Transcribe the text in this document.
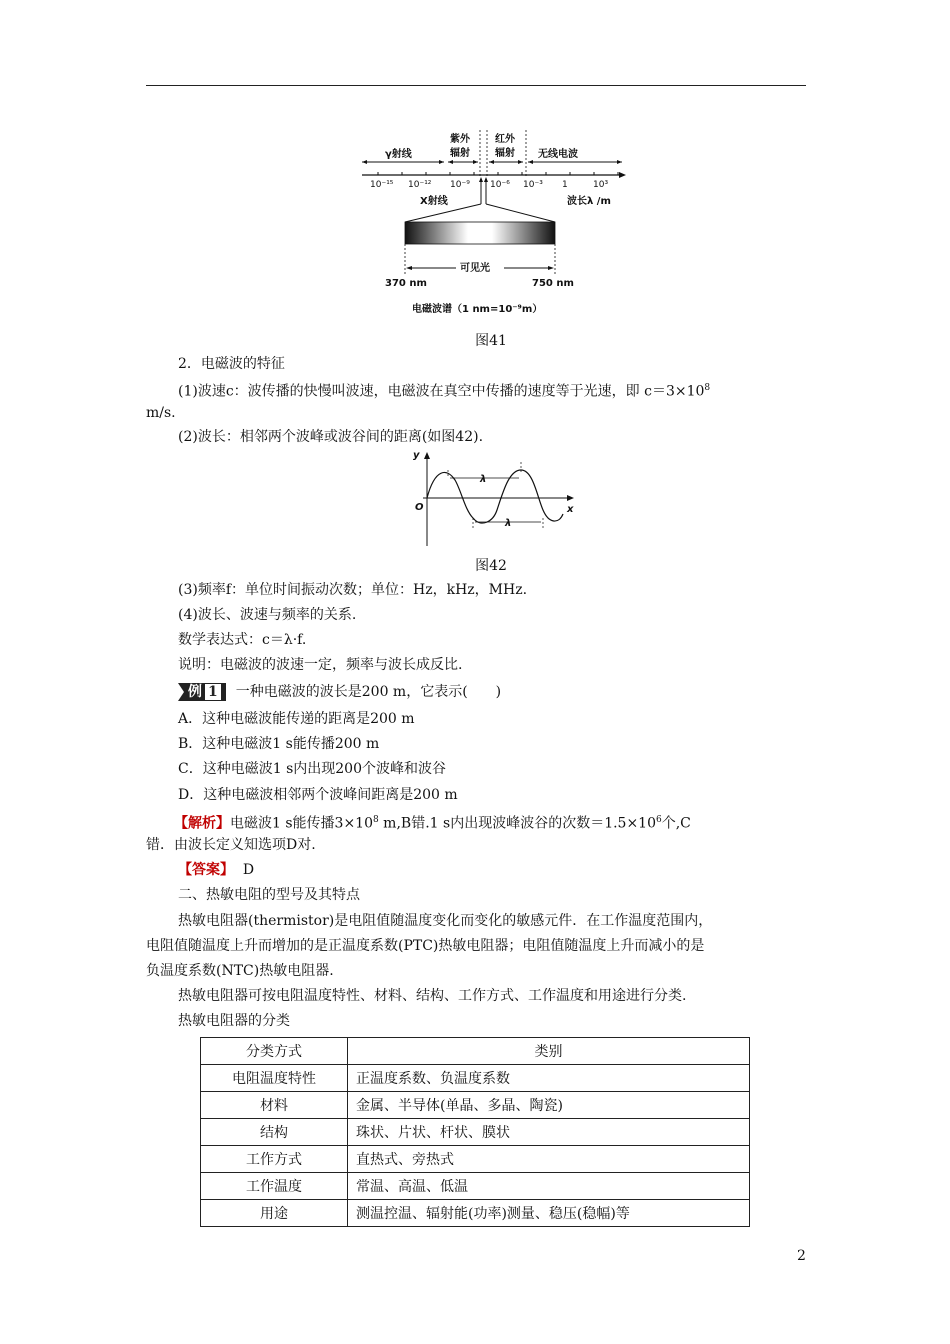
γ射线
紫外
辐射
红外
辐射 无线电波
10⁻¹⁵ 10⁻¹² 10⁻⁹ 10⁻⁶ 10⁻³ 1	10³
X射线	波长λ /m
可见光
370 nm	750 nm
电磁波谱（1 nm=10⁻⁹m）
图41
2．电磁波的特征
(1)波速c：波传播的快慢叫波速，电磁波在真空中传播的速度等于光速，即 $c=3\times 10^8$
m/s.
(2)波长：相邻两个波峰或波谷间的距离(如图42).
y
x
O
λ
λ
图42
(3)频率f：单位时间振动次数；单位：Hz，kHz，MHz.
(4)波长、波速与频率的关系.
数学表达式：c＝λ·f.
说明：电磁波的波速一定，频率与波长成反比.
例 1 一种电磁波的波长是200 m，它表示(　　)
A．这种电磁波能传递的距离是200 m
B．这种电磁波1 s能传播200 m
C．这种电磁波1 s内出现200个波峰和波谷
D．这种电磁波相邻两个波峰间距离是200 m
【解析】电磁波1 s能传播$3\times 10^8$ m,B错.1 s内出现波峰波谷的次数$=1.5\times 10^6$个,C
错．由波长定义知选项D对.
【答案】 D
二、热敏电阻的型号及其特点
热敏电阻器(thermistor)是电阻值随温度变化而变化的敏感元件．在工作温度范围内，
电阻值随温度上升而增加的是正温度系数(PTC)热敏电阻器；电阻值随温度上升而减小的是
负温度系数(NTC)热敏电阻器.
热敏电阻器可按电阻温度特性、材料、结构、工作方式、工作温度和用途进行分类.
热敏电阻器的分类
分类方式	类别
电阻温度特性	正温度系数、负温度系数
材料	金属、半导体(单晶、多晶、陶瓷)
结构	珠状、片状、杆状、膜状
工作方式	直热式、旁热式
工作温度	常温、高温、低温
用途	测温控温、辐射能(功率)测量、稳压(稳幅)等
2
